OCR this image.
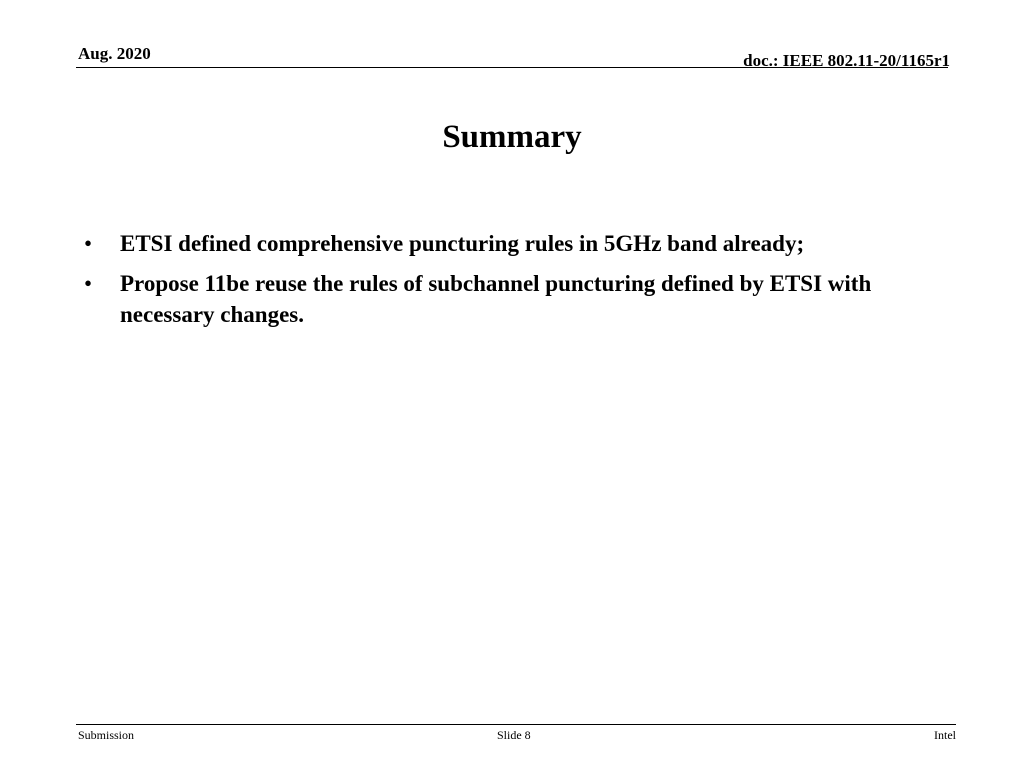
Aug. 2020	doc.: IEEE 802.11-20/1165r1
Summary
•	ETSI defined comprehensive puncturing rules in 5GHz band already;
•	Propose 11be reuse the rules of subchannel puncturing defined by ETSI with necessary changes.
Submission	Slide 8	Intel
